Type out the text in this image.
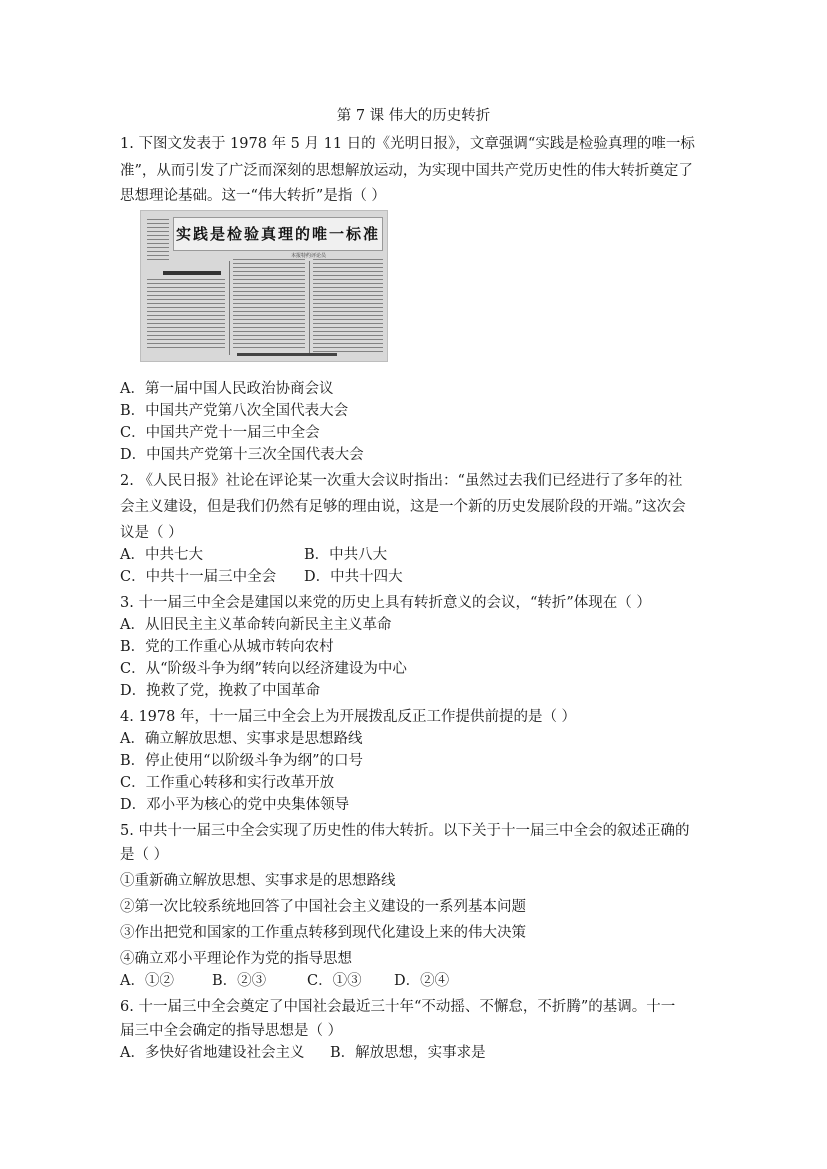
第 7 课 伟大的历史转折
1. 下图文发表于 1978 年 5 月 11 日的《光明日报》，文章强调“实践是检验真理的唯一标
准”，从而引发了广泛而深刻的思想解放运动，为实现中国共产党历史性的伟大转折奠定了
思想理论基础。这一“伟大转折”是指（ ）
实践是检验真理的唯一标准
本报特约评论员
A．第一届中国人民政治协商会议
B．中国共产党第八次全国代表大会
C．中国共产党十一届三中全会
D．中国共产党第十三次全国代表大会
2. 《人民日报》社论在评论某一次重大会议时指出：“虽然过去我们已经进行了多年的社
会主义建设，但是我们仍然有足够的理由说，这是一个新的历史发展阶段的开端。”这次会
议是（ ）
A．中共七大	B．中共八大
C．中共十一届三中全会 D．中共十四大
3. 十一届三中全会是建国以来党的历史上具有转折意义的会议，“转折”体现在（ ）
A．从旧民主主义革命转向新民主主义革命
B．党的工作重心从城市转向农村
C．从“阶级斗争为纲”转向以经济建设为中心
D．挽救了党，挽救了中国革命
4. 1978 年，十一届三中全会上为开展拨乱反正工作提供前提的是（ ）
A．确立解放思想、实事求是思想路线
B．停止使用“以阶级斗争为纲”的口号
C．工作重心转移和实行改革开放
D．邓小平为核心的党中央集体领导
5. 中共十一届三中全会实现了历史性的伟大转折。以下关于十一届三中全会的叙述正确的
是（ ）
①重新确立解放思想、实事求是的思想路线
②第一次比较系统地回答了中国社会主义建设的一系列基本问题
③作出把党和国家的工作重点转移到现代化建设上来的伟大决策
④确立邓小平理论作为党的指导思想
A．①②	B．②③	C．①③ D．②④
6. 十一届三中全会奠定了中国社会最近三十年“不动摇、不懈怠，不折腾”的基调。十一
届三中全会确定的指导思想是（ ）
A．多快好省地建设社会主义 B．解放思想，实事求是
